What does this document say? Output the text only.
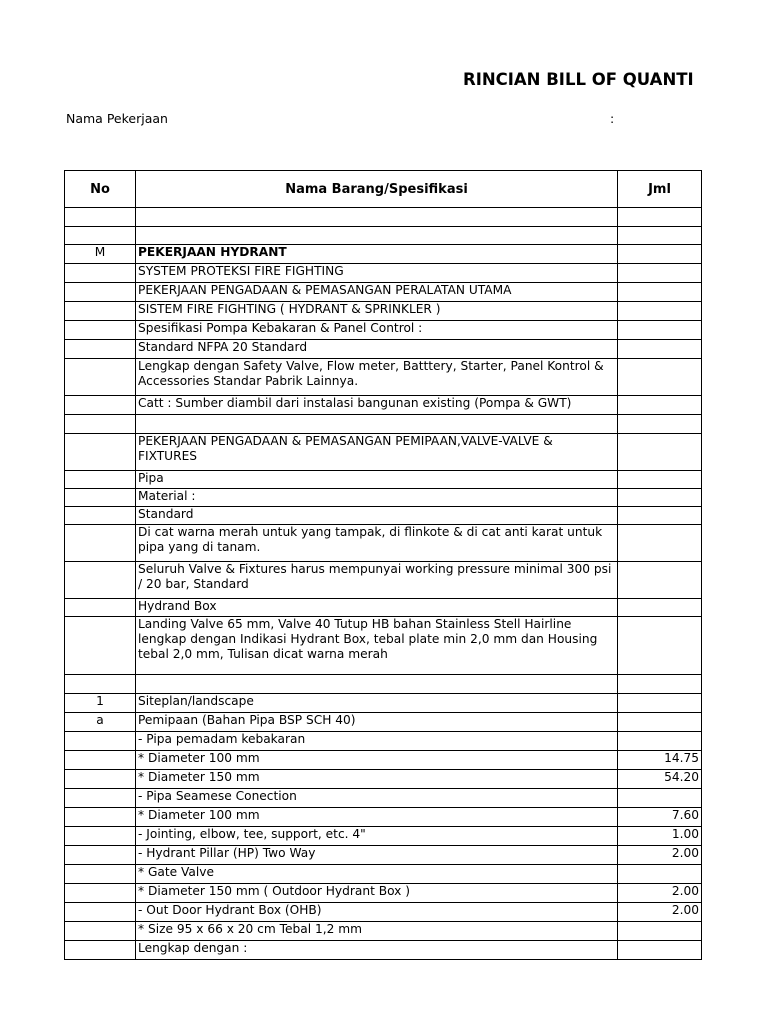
RINCIAN BILL OF QUANTI
Nama Pekerjaan	:
No	Nama Barang/Spesifikasi	Jml

M	PEKERJAAN HYDRANT	
	SYSTEM PROTEKSI FIRE FIGHTING	
	PEKERJAAN PENGADAAN & PEMASANGAN PERALATAN UTAMA	
	SISTEM FIRE FIGHTING ( HYDRANT & SPRINKLER )	
	Spesifikasi Pompa Kebakaran & Panel Control :	
	Standard NFPA 20 Standard	
	Lengkap dengan Safety Valve, Flow meter, Batttery, Starter, Panel Kontrol & Accessories Standar Pabrik Lainnya.	
	Catt : Sumber diambil dari instalasi bangunan existing (Pompa & GWT)	

	PEKERJAAN PENGADAAN & PEMASANGAN PEMIPAAN,VALVE-VALVE & FIXTURES	
	Pipa	
	Material :	
	Standard	
	Di cat warna merah untuk yang tampak, di flinkote & di cat anti karat untuk pipa yang di tanam.	
	Seluruh Valve & Fixtures harus mempunyai working pressure minimal 300 psi / 20 bar, Standard	
	Hydrand Box	
	Landing Valve 65 mm, Valve 40 Tutup HB bahan Stainless Stell Hairline lengkap dengan Indikasi Hydrant Box, tebal plate min 2,0 mm dan Housing tebal 2,0 mm, Tulisan dicat warna merah	

1	Siteplan/landscape	
a	Pemipaan (Bahan Pipa BSP SCH 40)	
	- Pipa pemadam kebakaran	
	* Diameter 100 mm	14.75
	* Diameter 150 mm	54.20
	- Pipa Seamese Conection	
	* Diameter 100 mm	7.60
	- Jointing, elbow, tee, support, etc. 4"	1.00
	- Hydrant Pillar (HP) Two Way	2.00
	* Gate Valve	
	* Diameter 150 mm ( Outdoor Hydrant Box )	2.00
	- Out Door Hydrant Box (OHB)	2.00
	* Size 95 x 66 x 20 cm Tebal 1,2 mm	
	Lengkap dengan :	
